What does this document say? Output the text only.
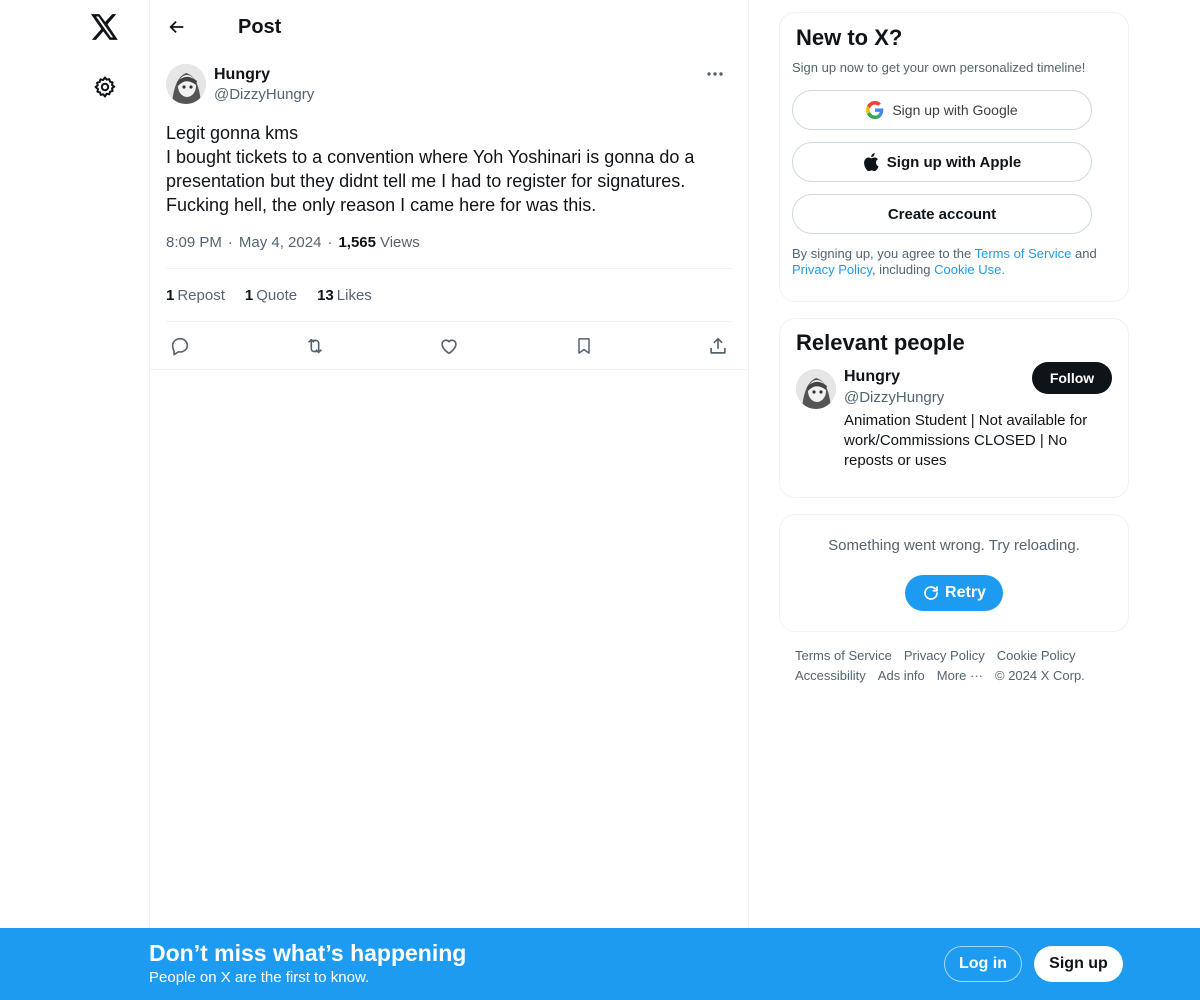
Post
Hungry
@DizzyHungry
Legit gonna kms
I bought tickets to a convention where Yoh Yoshinari is gonna do a
presentation but they didnt tell me I had to register for signatures.
Fucking hell, the only reason I came here for was this.
8:09 PM · May 4, 2024 · 1,565 Views
1 Repost 1 Quote 13 Likes
New to X?
Sign up now to get your own personalized timeline!
Sign up with Google
Sign up with Apple
Create account
By signing up, you agree to the Terms of Service and
Privacy Policy, including Cookie Use.
Relevant people
Hungry
@DizzyHungry
Animation Student | Not available for work/Commissions CLOSED | No reposts or uses
Follow
Something went wrong. Try reloading.
Retry
Terms of Service Privacy Policy Cookie Policy
Accessibility Ads info More ··· © 2024 X Corp.
Don’t miss what’s happening
People on X are the first to know.
Log in	Sign up
